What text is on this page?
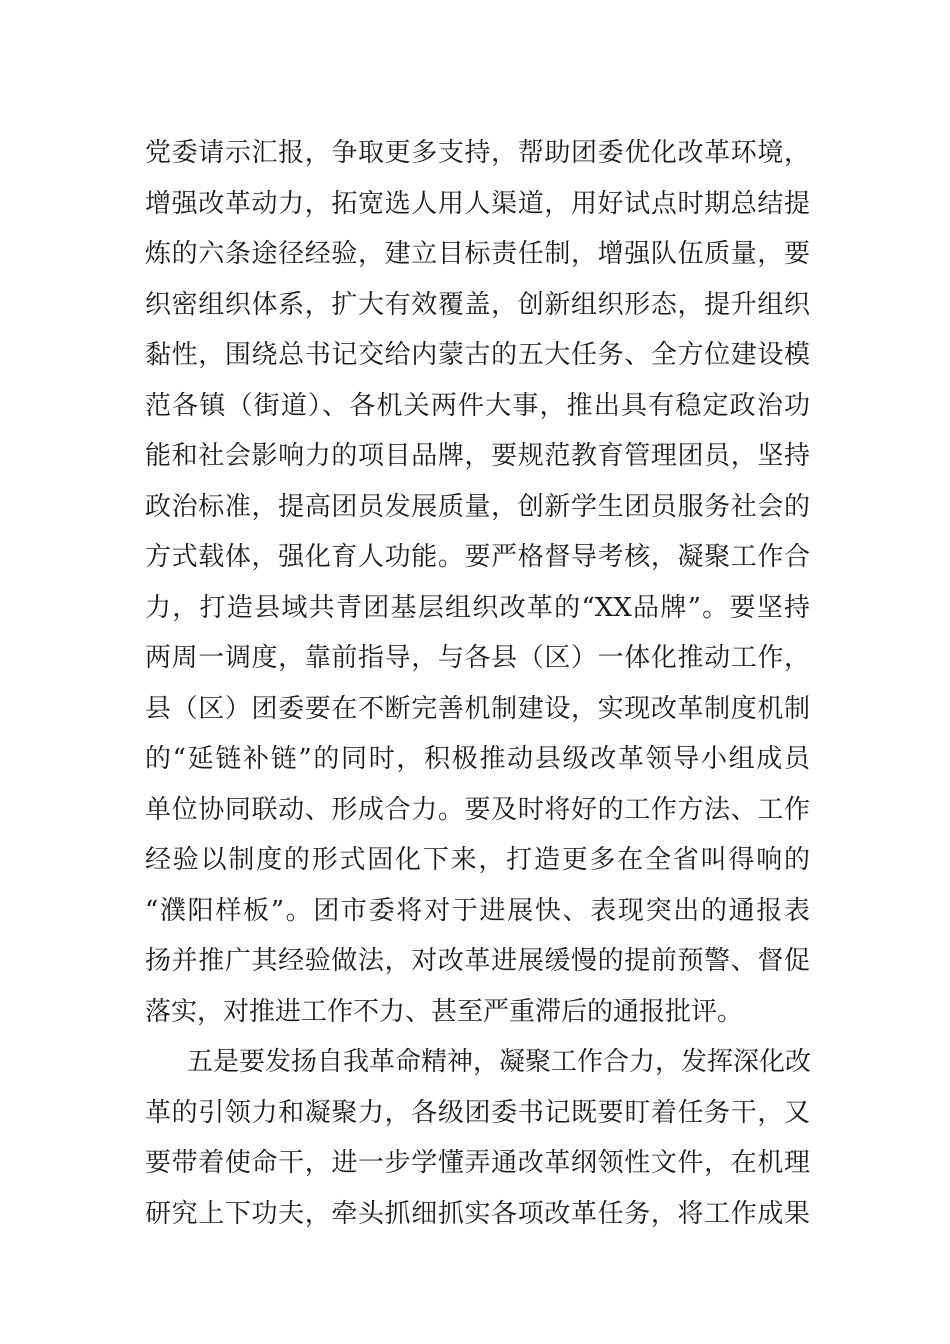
党委请示汇报，争取更多支持，帮助团委优化改革环境，
增强改革动力，拓宽选人用人渠道，用好试点时期总结提
炼的六条途径经验，建立目标责任制，增强队伍质量，要
织密组织体系，扩大有效覆盖，创新组织形态，提升组织
黏性，围绕总书记交给内蒙古的五大任务、全方位建设模
范各镇（街道）、各机关两件大事，推出具有稳定政治功
能和社会影响力的项目品牌，要规范教育管理团员，坚持
政治标准，提高团员发展质量，创新学生团员服务社会的
方式载体，强化育人功能。要严格督导考核，凝聚工作合
力，打造县域共青团基层组织改革的“XX品牌”。要坚持
两周一调度，靠前指导，与各县（区）一体化推动工作，
县（区）团委要在不断完善机制建设，实现改革制度机制
的“延链补链”的同时，积极推动县级改革领导小组成员
单位协同联动、形成合力。要及时将好的工作方法、工作
经验以制度的形式固化下来，打造更多在全省叫得响的
“濮阳样板”。团市委将对于进展快、表现突出的通报表
扬并推广其经验做法，对改革进展缓慢的提前预警、督促
落实，对推进工作不力、甚至严重滞后的通报批评。
五是要发扬自我革命精神，凝聚工作合力，发挥深化改
革的引领力和凝聚力，各级团委书记既要盯着任务干，又
要带着使命干，进一步学懂弄通改革纲领性文件，在机理
研究上下功夫，牵头抓细抓实各项改革任务，将工作成果
